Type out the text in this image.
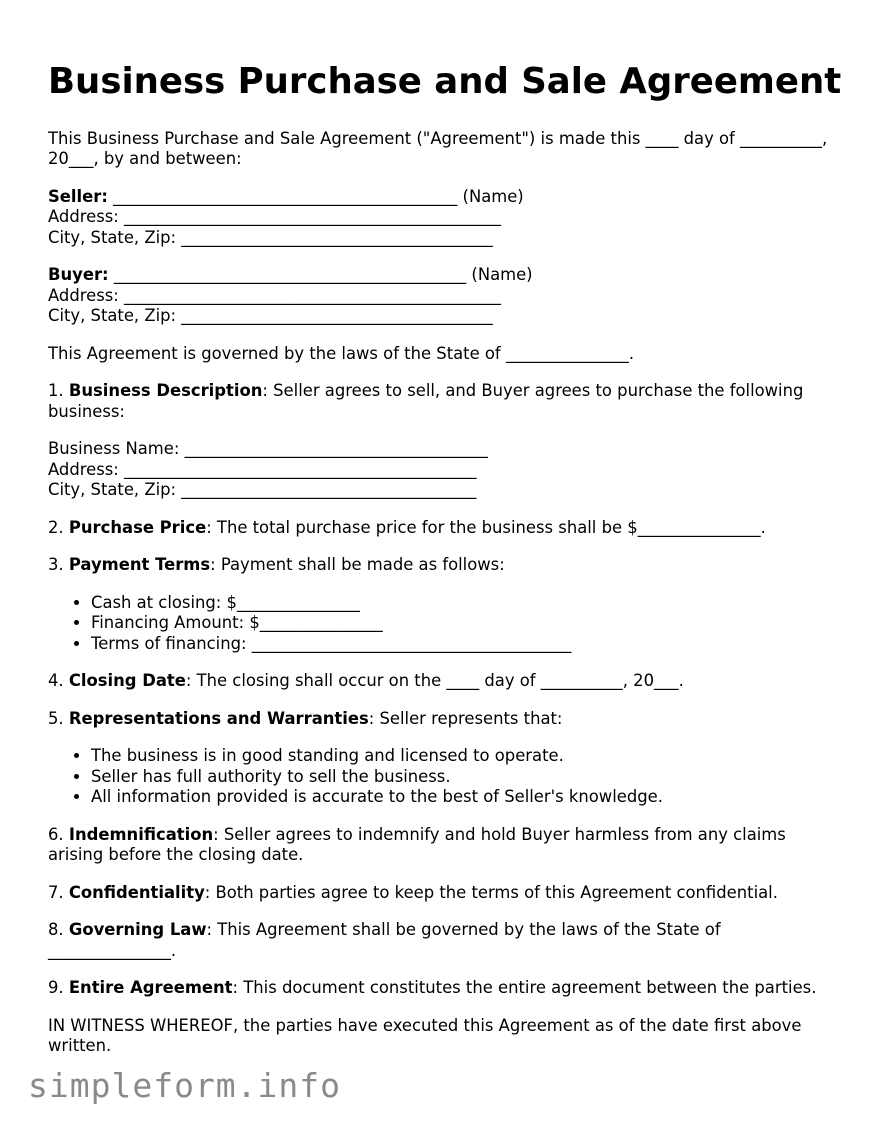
Business Purchase and Sale Agreement

This Business Purchase and Sale Agreement ("Agreement") is made this ____ day of __________, 20___, by and between:

Seller: __________________________________________ (Name)
Address: ______________________________________________
City, State, Zip: ______________________________________

Buyer: ___________________________________________ (Name)
Address: ______________________________________________
City, State, Zip: ______________________________________

This Agreement is governed by the laws of the State of _______________.

1. Business Description: Seller agrees to sell, and Buyer agrees to purchase the following business:

Business Name: _____________________________________
Address: ___________________________________________
City, State, Zip: ____________________________________

2. Purchase Price: The total purchase price for the business shall be $_______________.

3. Payment Terms: Payment shall be made as follows:

• Cash at closing: $_______________
• Financing Amount: $_______________
• Terms of financing: _______________________________________

4. Closing Date: The closing shall occur on the ____ day of __________, 20___.

5. Representations and Warranties: Seller represents that:

• The business is in good standing and licensed to operate.
• Seller has full authority to sell the business.
• All information provided is accurate to the best of Seller's knowledge.

6. Indemnification: Seller agrees to indemnify and hold Buyer harmless from any claims arising before the closing date.

7. Confidentiality: Both parties agree to keep the terms of this Agreement confidential.

8. Governing Law: This Agreement shall be governed by the laws of the State of _______________.

9. Entire Agreement: This document constitutes the entire agreement between the parties.

IN WITNESS WHEREOF, the parties have executed this Agreement as of the date first above written.

simpleform.info
